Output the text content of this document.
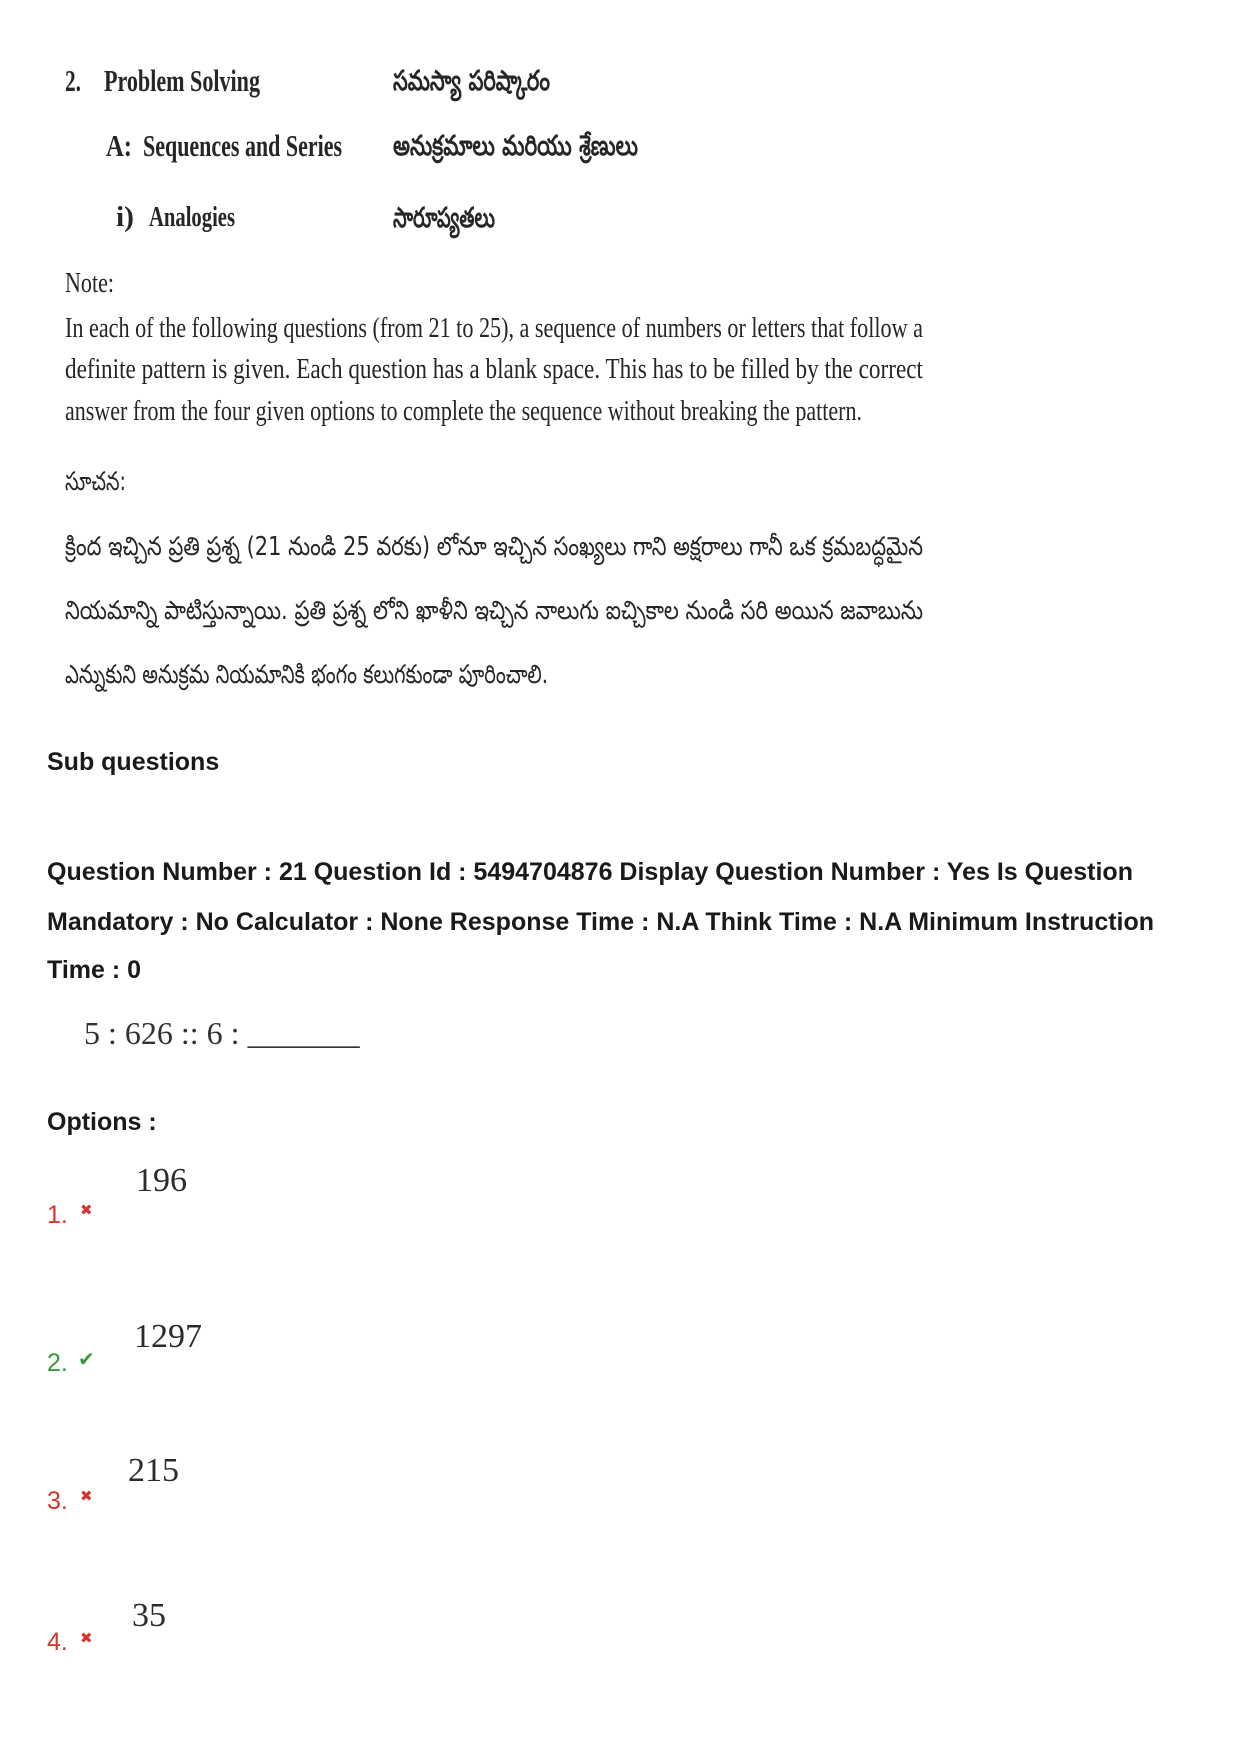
2. Problem Solving	సమస్యా పరిష్కారం
A: Sequences and Series అనుక్రమాలు మరియు శ్రేణులు
i) Analogies	సారూప్యతలు
Note:
In each of the following questions (from 21 to 25), a sequence of numbers or letters that follow a
definite pattern is given. Each question has a blank space. This has to be filled by the correct
answer from the four given options to complete the sequence without breaking the pattern.
సూచన:
క్రింద ఇచ్చిన ప్రతి ప్రశ్న (21 నుండి 25 వరకు) లోనూ ఇచ్చిన సంఖ్యలు గాని అక్షరాలు గానీ ఒక క్రమబద్ధమైన
నియమాన్ని పాటిస్తున్నాయి. ప్రతి ప్రశ్న లోని ఖాళీని ఇచ్చిన నాలుగు ఐచ్చికాల నుండి సరి అయిన జవాబును
ఎన్నుకుని అనుక్రమ నియమానికి భంగం కలుగకుండా పూరించాలి.
Sub questions
Question Number : 21 Question Id : 5494704876 Display Question Number : Yes Is Question
Mandatory : No Calculator : None Response Time : N.A Think Time : N.A Minimum Instruction
Time : 0
5 : 626 :: 6 : _______
Options :
1. ✖
196
2. ✔
1297
3. ✖
215
4. ✖
35
